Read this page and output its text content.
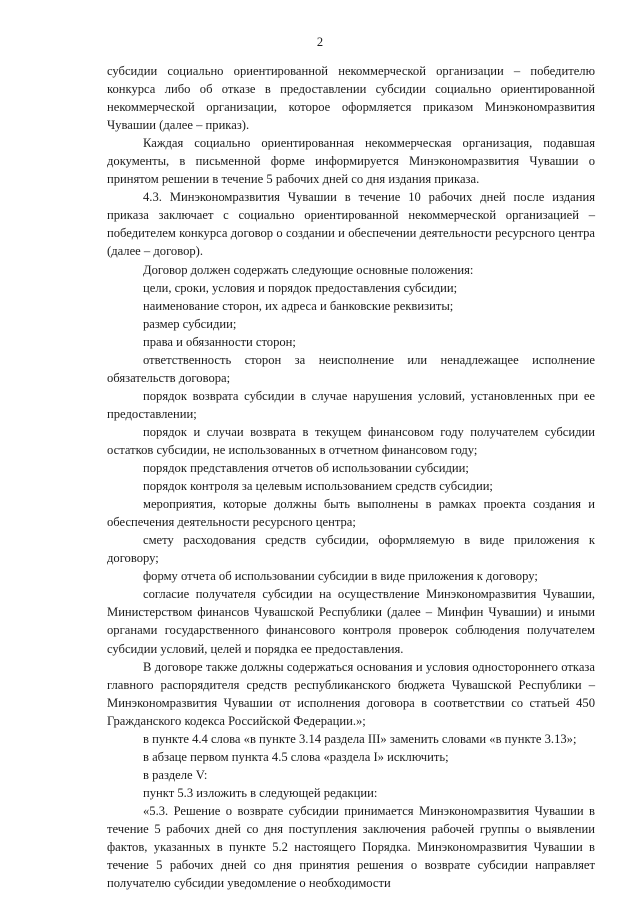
2

субсидии социально ориентированной некоммерческой организации – победителю конкурса либо об отказе в предоставлении субсидии социально ориентированной некоммерческой организации, которое оформляется приказом Минэкономразвития Чувашии (далее – приказ).

Каждая социально ориентированная некоммерческая организация, подавшая документы, в письменной форме информируется Минэкономразвития Чувашии о принятом решении в течение 5 рабочих дней со дня издания приказа.

4.3. Минэкономразвития Чувашии в течение 10 рабочих дней после издания приказа заключает с социально ориентированной некоммерческой организацией – победителем конкурса договор о создании и обеспечении деятельности ресурсного центра (далее – договор).

Договор должен содержать следующие основные положения:

цели, сроки, условия и порядок предоставления субсидии;

наименование сторон, их адреса и банковские реквизиты;

размер субсидии;

права и обязанности сторон;

ответственность сторон за неисполнение или ненадлежащее исполнение обязательств договора;

порядок возврата субсидии в случае нарушения условий, установленных при ее предоставлении;

порядок и случаи возврата в текущем финансовом году получателем субсидии остатков субсидии, не использованных в отчетном финансовом году;

порядок представления отчетов об использовании субсидии;

порядок контроля за целевым использованием средств субсидии;

мероприятия, которые должны быть выполнены в рамках проекта создания и обеспечения деятельности ресурсного центра;

смету расходования средств субсидии, оформляемую в виде приложения к договору;

форму отчета об использовании субсидии в виде приложения к договору;

согласие получателя субсидии на осуществление Минэкономразвития Чувашии, Министерством финансов Чувашской Республики (далее – Минфин Чувашии) и иными органами государственного финансового контроля проверок соблюдения получателем субсидии условий, целей и порядка ее предоставления.

В договоре также должны содержаться основания и условия одностороннего отказа главного распорядителя средств республиканского бюджета Чувашской Республики – Минэкономразвития Чувашии от исполнения договора в соответствии со статьей 450 Гражданского кодекса Российской Федерации.»;

в пункте 4.4 слова «в пункте 3.14 раздела III» заменить словами «в пункте 3.13»;

в абзаце первом пункта 4.5 слова «раздела I» исключить;

в разделе V:

пункт 5.3 изложить в следующей редакции:

«5.3. Решение о возврате субсидии принимается Минэкономразвития Чувашии в течение 5 рабочих дней со дня поступления заключения рабочей группы о выявлении фактов, указанных в пункте 5.2 настоящего Порядка. Минэкономразвития Чувашии в течение 5 рабочих дней со дня принятия решения о возврате субсидии направляет получателю субсидии уведомление о необходимости
